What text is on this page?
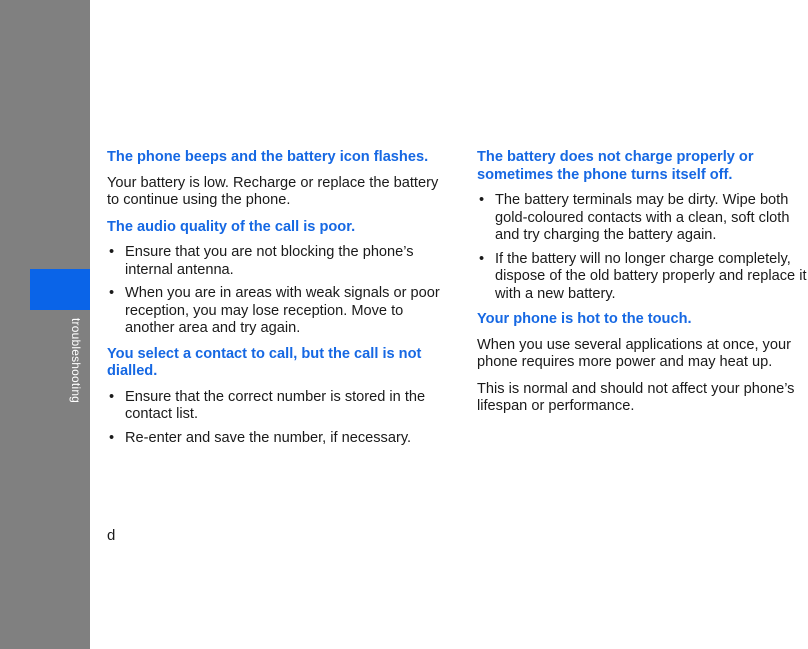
troubleshooting
The phone beeps and the battery icon flashes.

Your battery is low. Recharge or replace the battery to continue using the phone.

The audio quality of the call is poor.
• Ensure that you are not blocking the phone’s internal antenna.
• When you are in areas with weak signals or poor reception, you may lose reception. Move to another area and try again.
You select a contact to call, but the call is not dialled.
• Ensure that the correct number is stored in the contact list.
• Re-enter and save the number, if necessary.
The battery does not charge properly or sometimes the phone turns itself off.
• The battery terminals may be dirty. Wipe both gold-coloured contacts with a clean, soft cloth and try charging the battery again.
• If the battery will no longer charge completely, dispose of the old battery properly and replace it with a new battery.
Your phone is hot to the touch.

When you use several applications at once, your phone requires more power and may heat up.

This is normal and should not affect your phone’s lifespan or performance.

d
